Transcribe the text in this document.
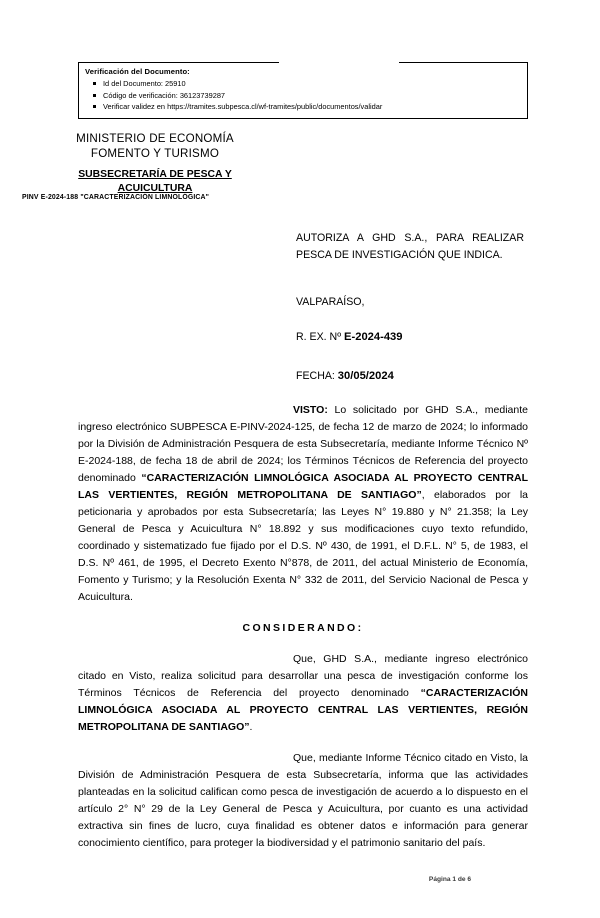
Verificación del Documento:
Id del Documento: 25910
Código de verificación: 36123739287
Verificar validez en https://tramites.subpesca.cl/wf-tramites/public/documentos/validar
MINISTERIO DE ECONOMÍA
FOMENTO Y TURISMO
SUBSECRETARÍA DE PESCA Y ACUICULTURA
PINV E-2024-188 "CARACTERIZACIÓN LIMNOLÓGICA"
AUTORIZA A GHD S.A., PARA REALIZAR PESCA DE INVESTIGACIÓN QUE INDICA.
VALPARAÍSO,
R. EX. Nº E-2024-439
FECHA: 30/05/2024

VISTO: Lo solicitado por GHD S.A., mediante ingreso electrónico SUBPESCA E-PINV-2024-125, de fecha 12 de marzo de 2024; lo informado por la División de Administración Pesquera de esta Subsecretaría, mediante Informe Técnico Nº E-2024-188, de fecha 18 de abril de 2024; los Términos Técnicos de Referencia del proyecto denominado “CARACTERIZACIÓN LIMNOLÓGICA ASOCIADA AL PROYECTO CENTRAL LAS VERTIENTES, REGIÓN METROPOLITANA DE SANTIAGO”, elaborados por la peticionaria y aprobados por esta Subsecretaría; las Leyes N° 19.880 y N° 21.358; la Ley General de Pesca y Acuicultura N° 18.892 y sus modificaciones cuyo texto refundido, coordinado y sistematizado fue fijado por el D.S. Nº 430, de 1991, el D.F.L. N° 5, de 1983, el D.S. Nº 461, de 1995, el Decreto Exento N°878, de 2011, del actual Ministerio de Economía, Fomento y Turismo; y la Resolución Exenta N° 332 de 2011, del Servicio Nacional de Pesca y Acuicultura.

CONSIDERANDO:

Que, GHD S.A., mediante ingreso electrónico citado en Visto, realiza solicitud para desarrollar una pesca de investigación conforme los Términos Técnicos de Referencia del proyecto denominado “CARACTERIZACIÓN LIMNOLÓGICA ASOCIADA AL PROYECTO CENTRAL LAS VERTIENTES, REGIÓN METROPOLITANA DE SANTIAGO”.

Que, mediante Informe Técnico citado en Visto, la División de Administración Pesquera de esta Subsecretaría, informa que las actividades planteadas en la solicitud califican como pesca de investigación de acuerdo a lo dispuesto en el artículo 2° N° 29 de la Ley General de Pesca y Acuicultura, por cuanto es una actividad extractiva sin fines de lucro, cuya finalidad es obtener datos e información para generar conocimiento científico, para proteger la biodiversidad y el patrimonio sanitario del país.

Página 1 de 6
